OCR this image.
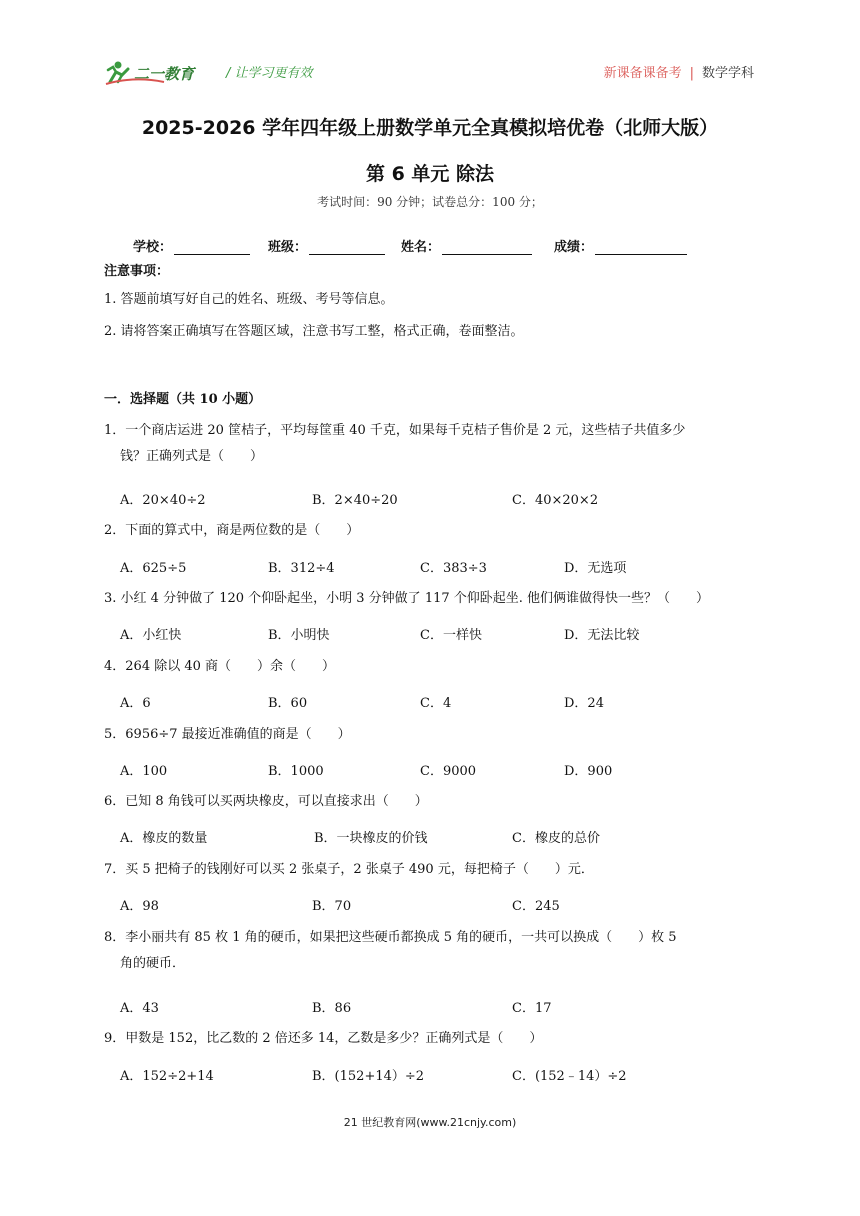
二一教育 / 让学习更有效	新课备课备考 | 数学学科
2025-2026 学年四年级上册数学单元全真模拟培优卷（北师大版）
第 6 单元 除法
考试时间：90 分钟；试卷总分：100 分；
学校：	班级：	姓名：	成绩：
注意事项：
1. 答题前填写好自己的姓名、班级、考号等信息。
2. 请将答案正确填写在答题区域，注意书写工整，格式正确，卷面整洁。
一．选择题（共 10 小题）
1．一个商店运进 20 筐桔子，平均每筐重 40 千克，如果每千克桔子售价是 2 元，这些桔子共值多少
钱？正确列式是（　　）
A．20×40÷2	B．2×40÷20	C．40×20×2
2．下面的算式中，商是两位数的是（　　）
A．625÷5	B．312÷4	C．383÷3	D．无选项
3. 小红 4 分钟做了 120 个仰卧起坐，小明 3 分钟做了 117 个仰卧起坐. 他们俩谁做得快一些？（　　）
A．小红快	B．小明快	C．一样快	D．无法比较
4．264 除以 40 商（　　）余（　　）
A．6	B．60	C．4	D．24
5．6956÷7 最接近准确值的商是（　　）
A．100	B．1000	C．9000	D．900
6．已知 8 角钱可以买两块橡皮，可以直接求出（　　）
A．橡皮的数量	B．一块橡皮的价钱	C．橡皮的总价
7．买 5 把椅子的钱刚好可以买 2 张桌子，2 张桌子 490 元，每把椅子（　　）元．
A．98	B．70	C．245
8．李小丽共有 85 枚 1 角的硬币，如果把这些硬币都换成 5 角的硬币，一共可以换成（　　）枚 5
角的硬币．
A．43	B．86	C．17
9．甲数是 152，比乙数的 2 倍还多 14，乙数是多少？正确列式是（　　）
A．152÷2+14	B．(152+14）÷2	C．(152﹣14）÷2
21 世纪教育网(www.21cnjy.com)
